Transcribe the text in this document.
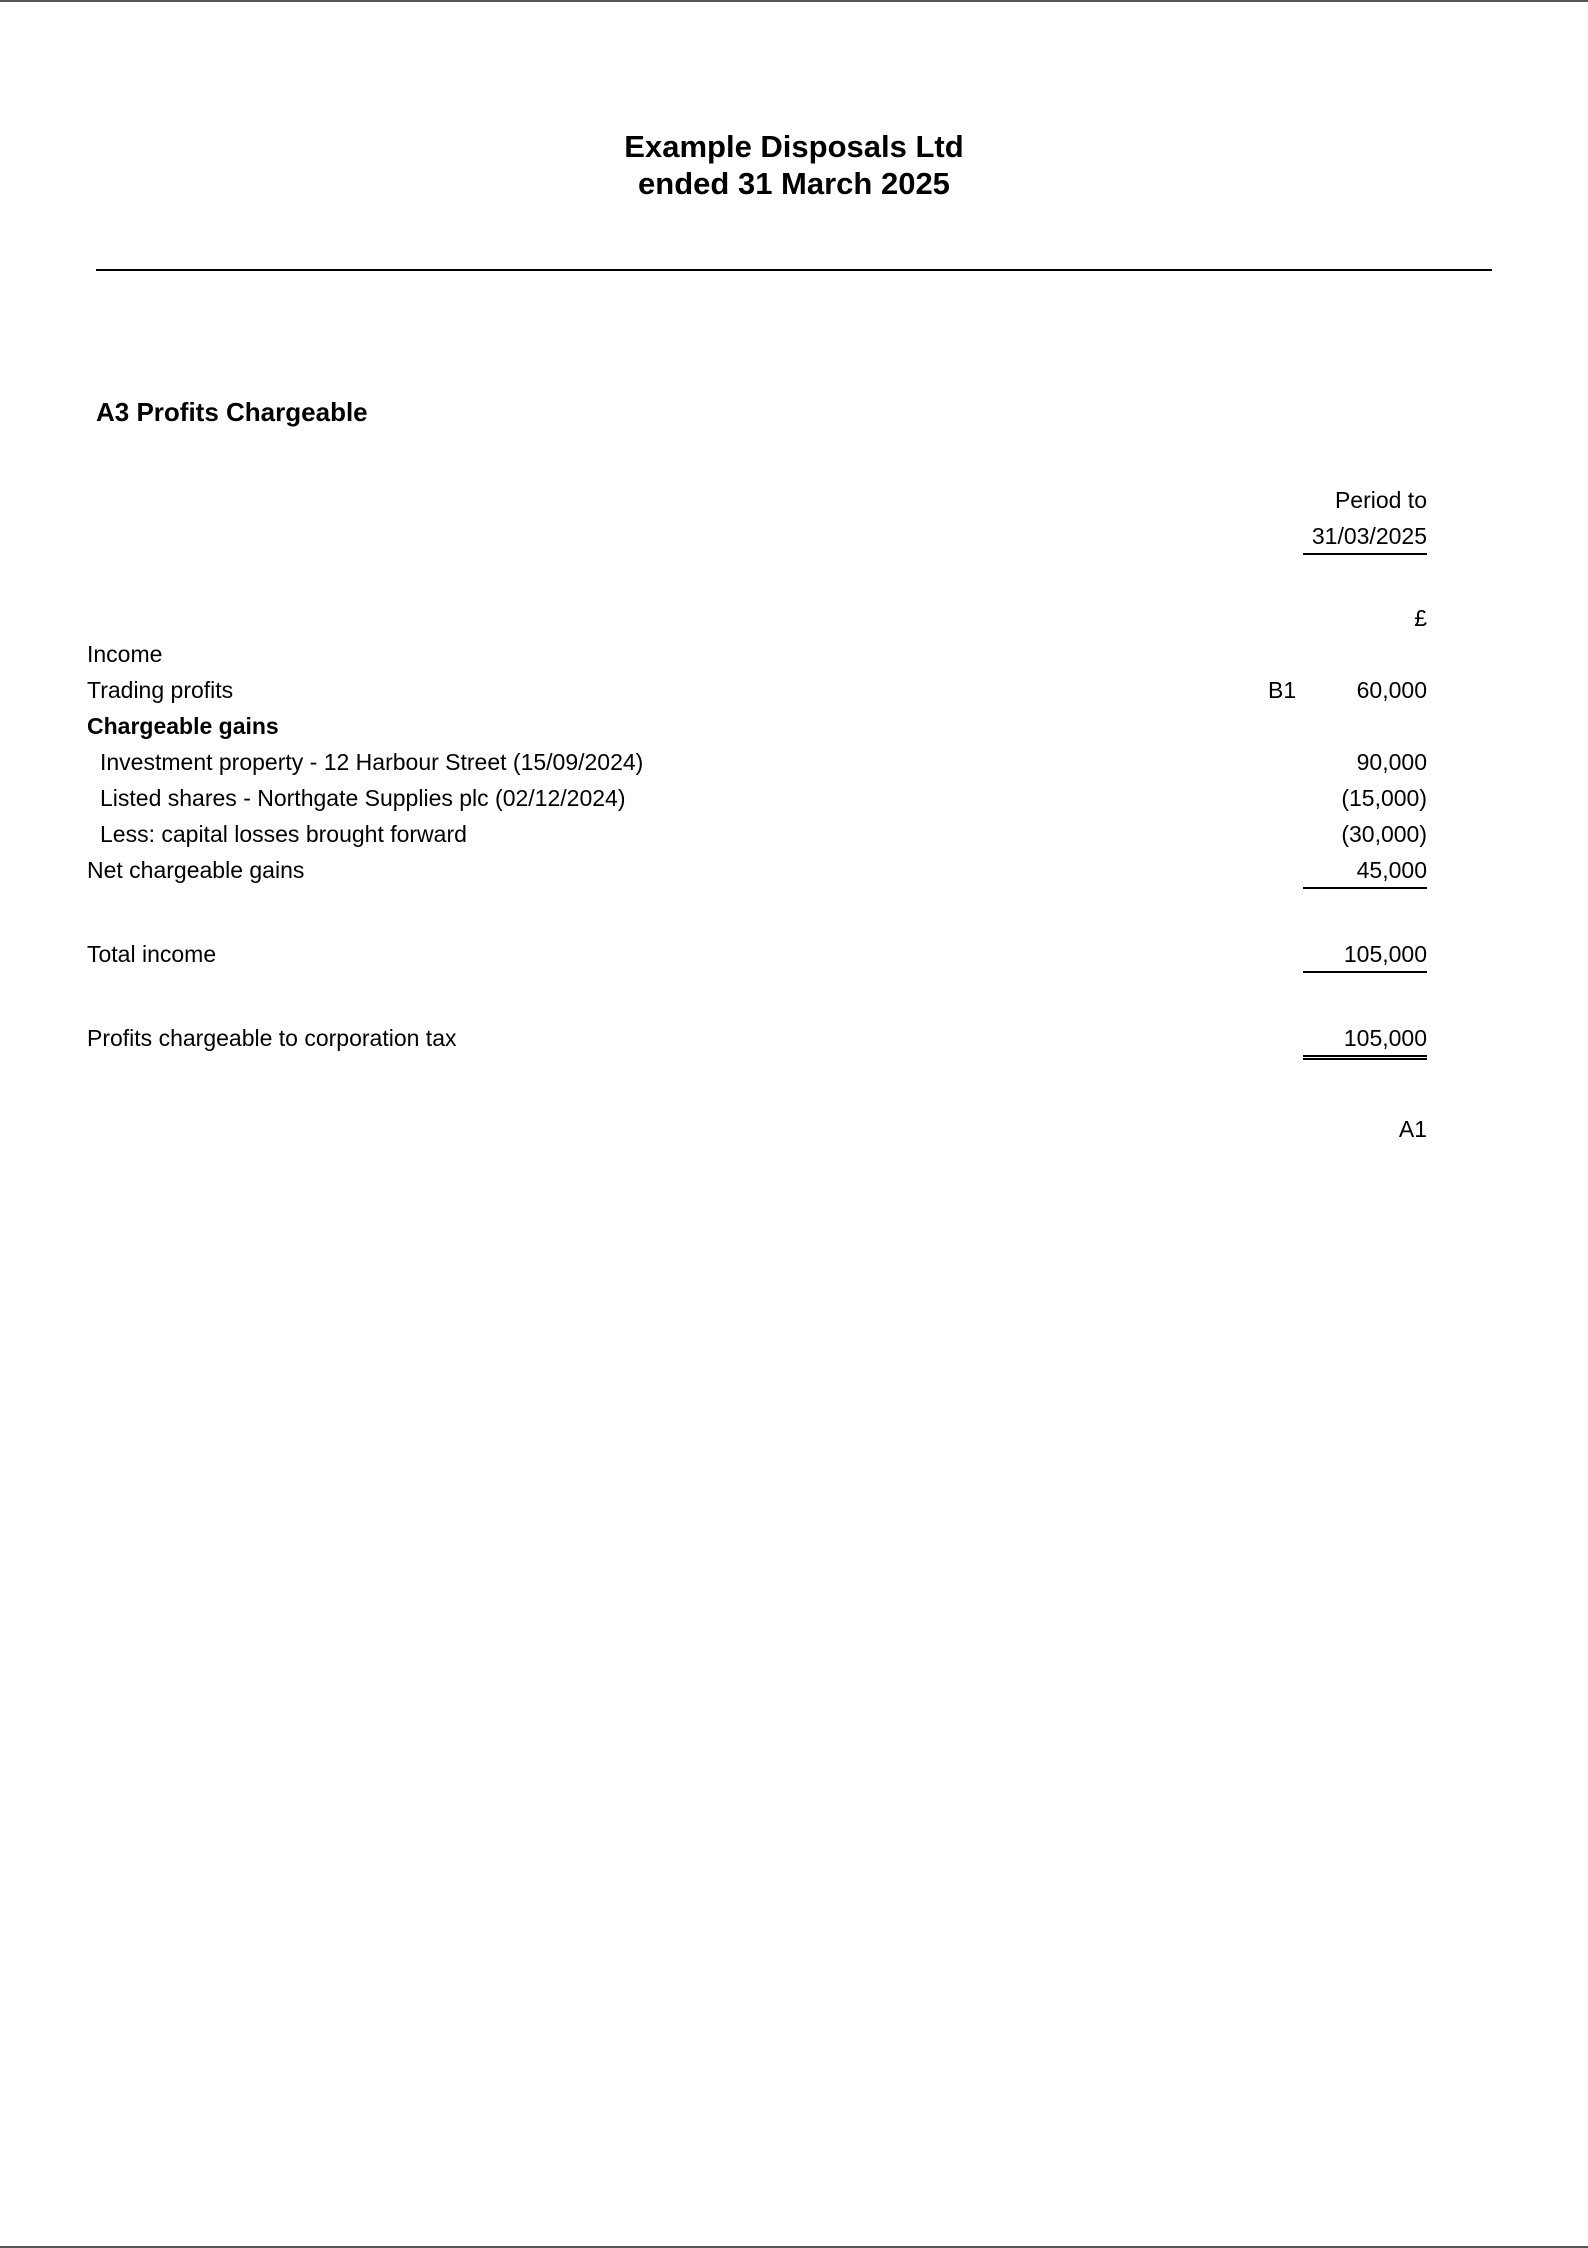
Example Disposals Ltd
ended 31 March 2025
A3 Profits Chargeable
Period to
31/03/2025
£
Income
Trading profits	B1	60,000
Chargeable gains
Investment property - 12 Harbour Street (15/09/2024)	90,000
Listed shares - Northgate Supplies plc (02/12/2024)	(15,000)
Less: capital losses brought forward	(30,000)
Net chargeable gains	45,000
Total income	105,000
Profits chargeable to corporation tax	105,000
A1
